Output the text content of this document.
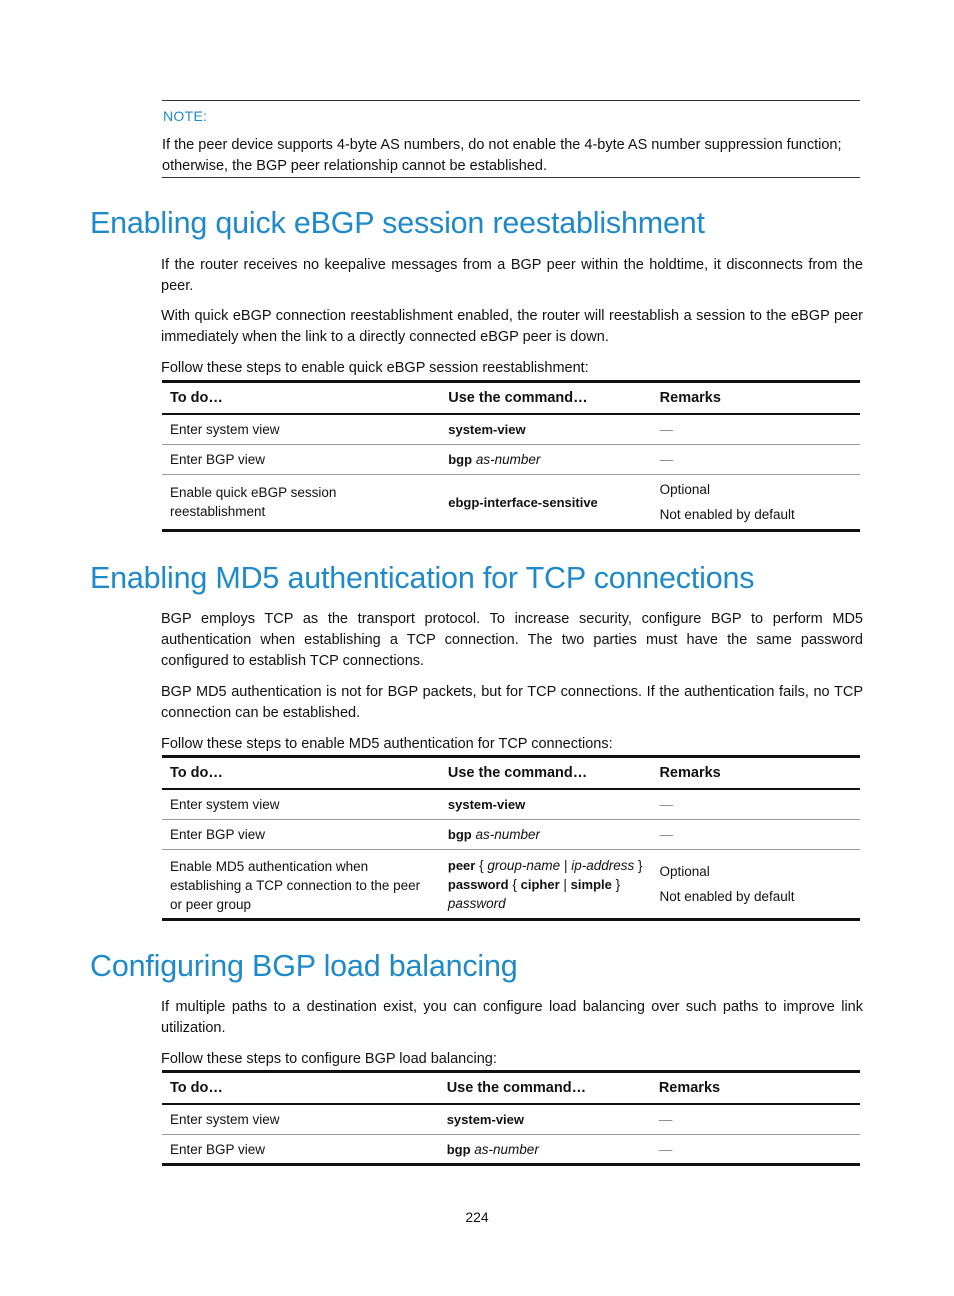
NOTE:
If the peer device supports 4-byte AS numbers, do not enable the 4-byte AS number suppression function; otherwise, the BGP peer relationship cannot be established.
Enabling quick eBGP session reestablishment

If the router receives no keepalive messages from a BGP peer within the holdtime, it disconnects from the peer.

With quick eBGP connection reestablishment enabled, the router will reestablish a session to the eBGP peer immediately when the link to a directly connected eBGP peer is down.

Follow these steps to enable quick eBGP session reestablishment:

To do…	Use the command…	Remarks
Enter system view	system-view	—
Enter BGP view	bgp as-number	—
Enable quick eBGP session reestablishment	ebgp-interface-sensitive	Optional
Not enabled by default
Enabling MD5 authentication for TCP connections

BGP employs TCP as the transport protocol. To increase security, configure BGP to perform MD5 authentication when establishing a TCP connection. The two parties must have the same password configured to establish TCP connections.

BGP MD5 authentication is not for BGP packets, but for TCP connections. If the authentication fails, no TCP connection can be established.

Follow these steps to enable MD5 authentication for TCP connections:

To do…	Use the command…	Remarks
Enter system view	system-view	—
Enter BGP view	bgp as-number	—
Enable MD5 authentication when establishing a TCP connection to the peer or peer group	peer { group-name | ip-address } password { cipher | simple } password	Optional
Not enabled by default
Configuring BGP load balancing

If multiple paths to a destination exist, you can configure load balancing over such paths to improve link utilization.

Follow these steps to configure BGP load balancing:

To do…	Use the command…	Remarks
Enter system view	system-view	—
Enter BGP view	bgp as-number	—
224
